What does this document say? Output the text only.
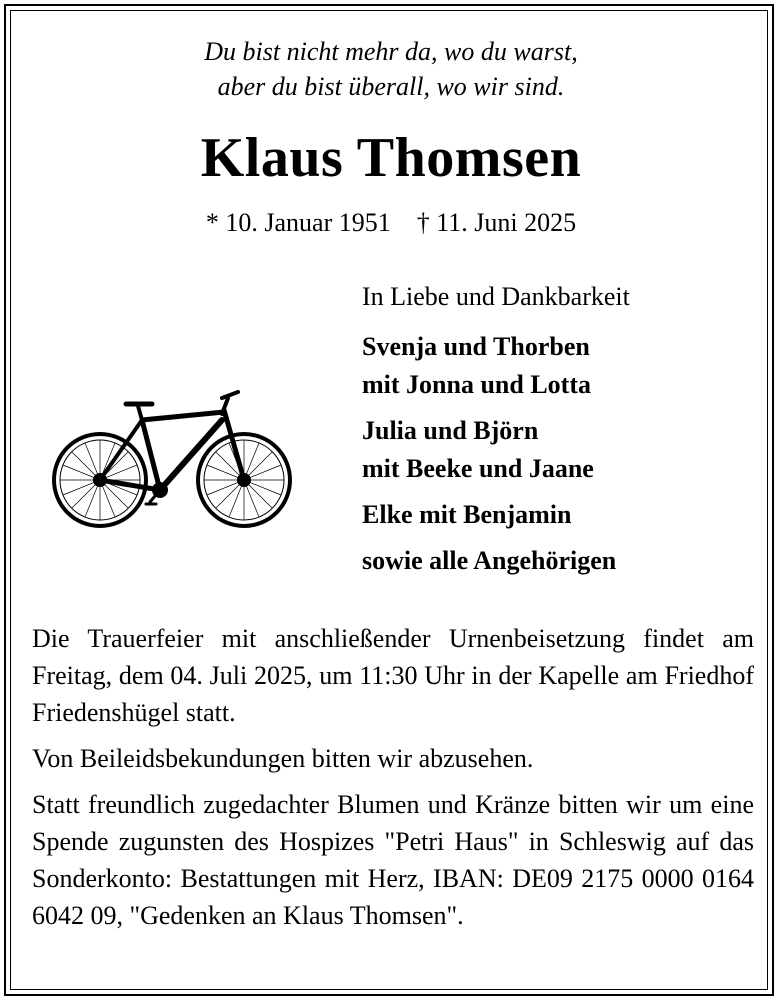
Du bist nicht mehr da, wo du warst,
aber du bist überall, wo wir sind.
Klaus Thomsen
* 10. Januar 1951 † 11. Juni 2025

In Liebe und Dankbarkeit

Svenja und Thorben
mit Jonna und Lotta

Julia und Björn
mit Beeke und Jaane

Elke mit Benjamin

sowie alle Angehörigen

Die Trauerfeier mit anschließender Urnenbeisetzung findet am Freitag, dem 04. Juli 2025, um 11:30 Uhr in der Kapelle am Friedhof Friedenshügel statt.

Von Beileidsbekundungen bitten wir abzusehen.

Statt freundlich zugedachter Blumen und Kränze bitten wir um eine Spende zugunsten des Hospizes "Petri Haus" in Schleswig auf das Sonderkonto: Bestattungen mit Herz, IBAN: DE09 2175 0000 0164 6042 09, "Gedenken an Klaus Thomsen".
